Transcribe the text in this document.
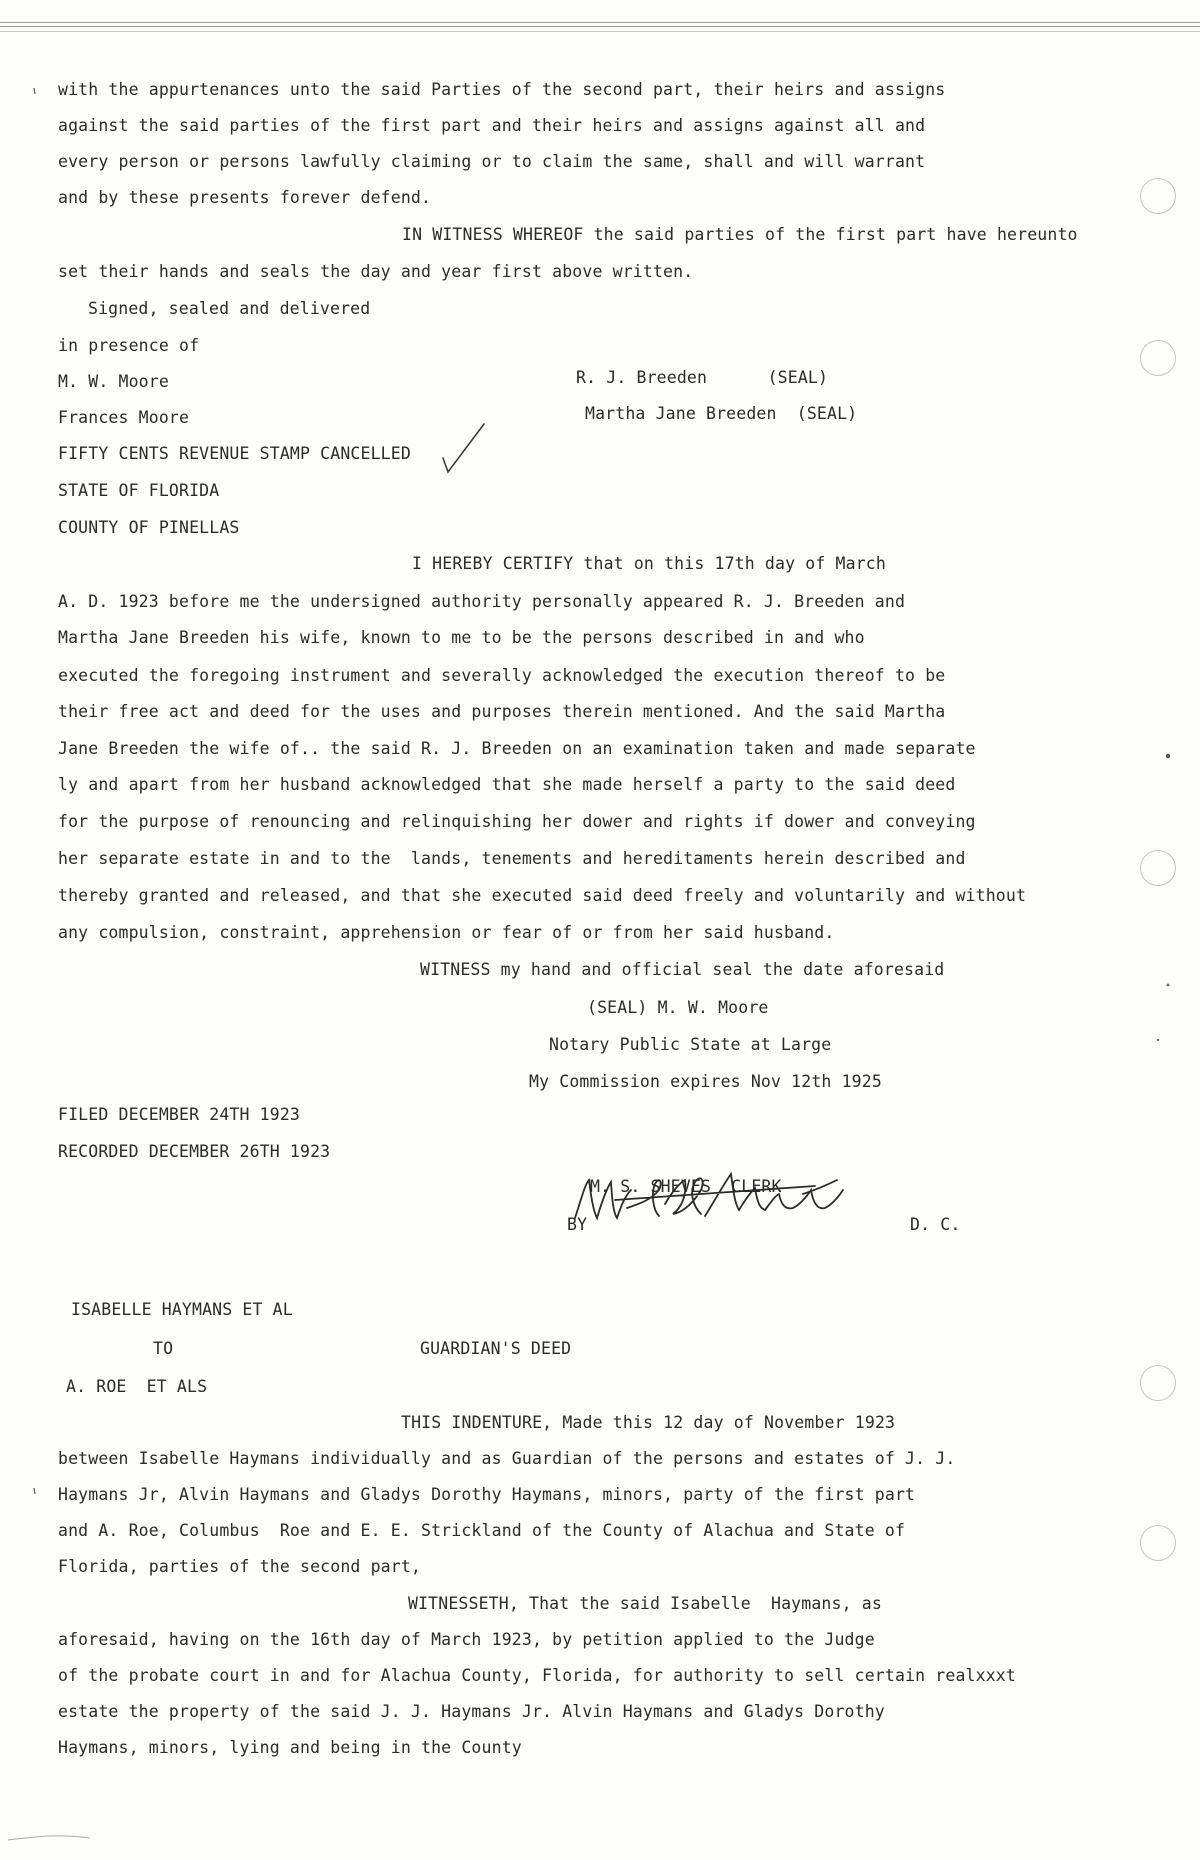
with the appurtenances unto the said Parties of the second part, their heirs and assigns
against the said parties of the first part and their heirs and assigns against all and
every person or persons lawfully claiming or to claim the same, shall and will warrant
and by these presents forever defend.
IN WITNESS WHEREOF the said parties of the first part have hereunto
set their hands and seals the day and year first above written.
Signed, sealed and delivered
in presence of
M. W. Moore	R. J. Breeden      (SEAL)
Frances Moore	Martha Jane Breeden  (SEAL)
FIFTY CENTS REVENUE STAMP CANCELLED
STATE OF FLORIDA
COUNTY OF PINELLAS
I HEREBY CERTIFY that on this 17th day of March
A. D. 1923 before me the undersigned authority personally appeared R. J. Breeden and
Martha Jane Breeden his wife, known to me to be the persons described in and who
executed the foregoing instrument and severally acknowledged the execution thereof to be
their free act and deed for the uses and purposes therein mentioned. And the said Martha
Jane Breeden the wife of.. the said R. J. Breeden on an examination taken and made separate
ly and apart from her husband acknowledged that she made herself a party to the said deed
for the purpose of renouncing and relinquishing her dower and rights if dower and conveying
her separate estate in and to the  lands, tenements and hereditaments herein described and
thereby granted and released, and that she executed said deed freely and voluntarily and without
any compulsion, constraint, apprehension or fear of or from her said husband.
WITNESS my hand and official seal the date aforesaid
(SEAL) M. W. Moore
Notary Public State at Large
My Commission expires Nov 12th 1925
FILED DECEMBER 24TH 1923
RECORDED DECEMBER 26TH 1923
M. S. SHEVES  CLERK
BY	D. C.
ISABELLE HAYMANS ET AL
TO	GUARDIAN'S DEED
A. ROE  ET ALS
THIS INDENTURE, Made this 12 day of November 1923
between Isabelle Haymans individually and as Guardian of the persons and estates of J. J.
Haymans Jr, Alvin Haymans and Gladys Dorothy Haymans, minors, party of the first part
and A. Roe, Columbus  Roe and E. E. Strickland of the County of Alachua and State of
Florida, parties of the second part,
WITNESSETH, That the said Isabelle  Haymans, as
aforesaid, having on the 16th day of March 1923, by petition applied to the Judge
of the probate court in and for Alachua County, Florida, for authority to sell certain realxxxt
estate the property of the said J. J. Haymans Jr. Alvin Haymans and Gladys Dorothy
Haymans, minors, lying and being in the County
